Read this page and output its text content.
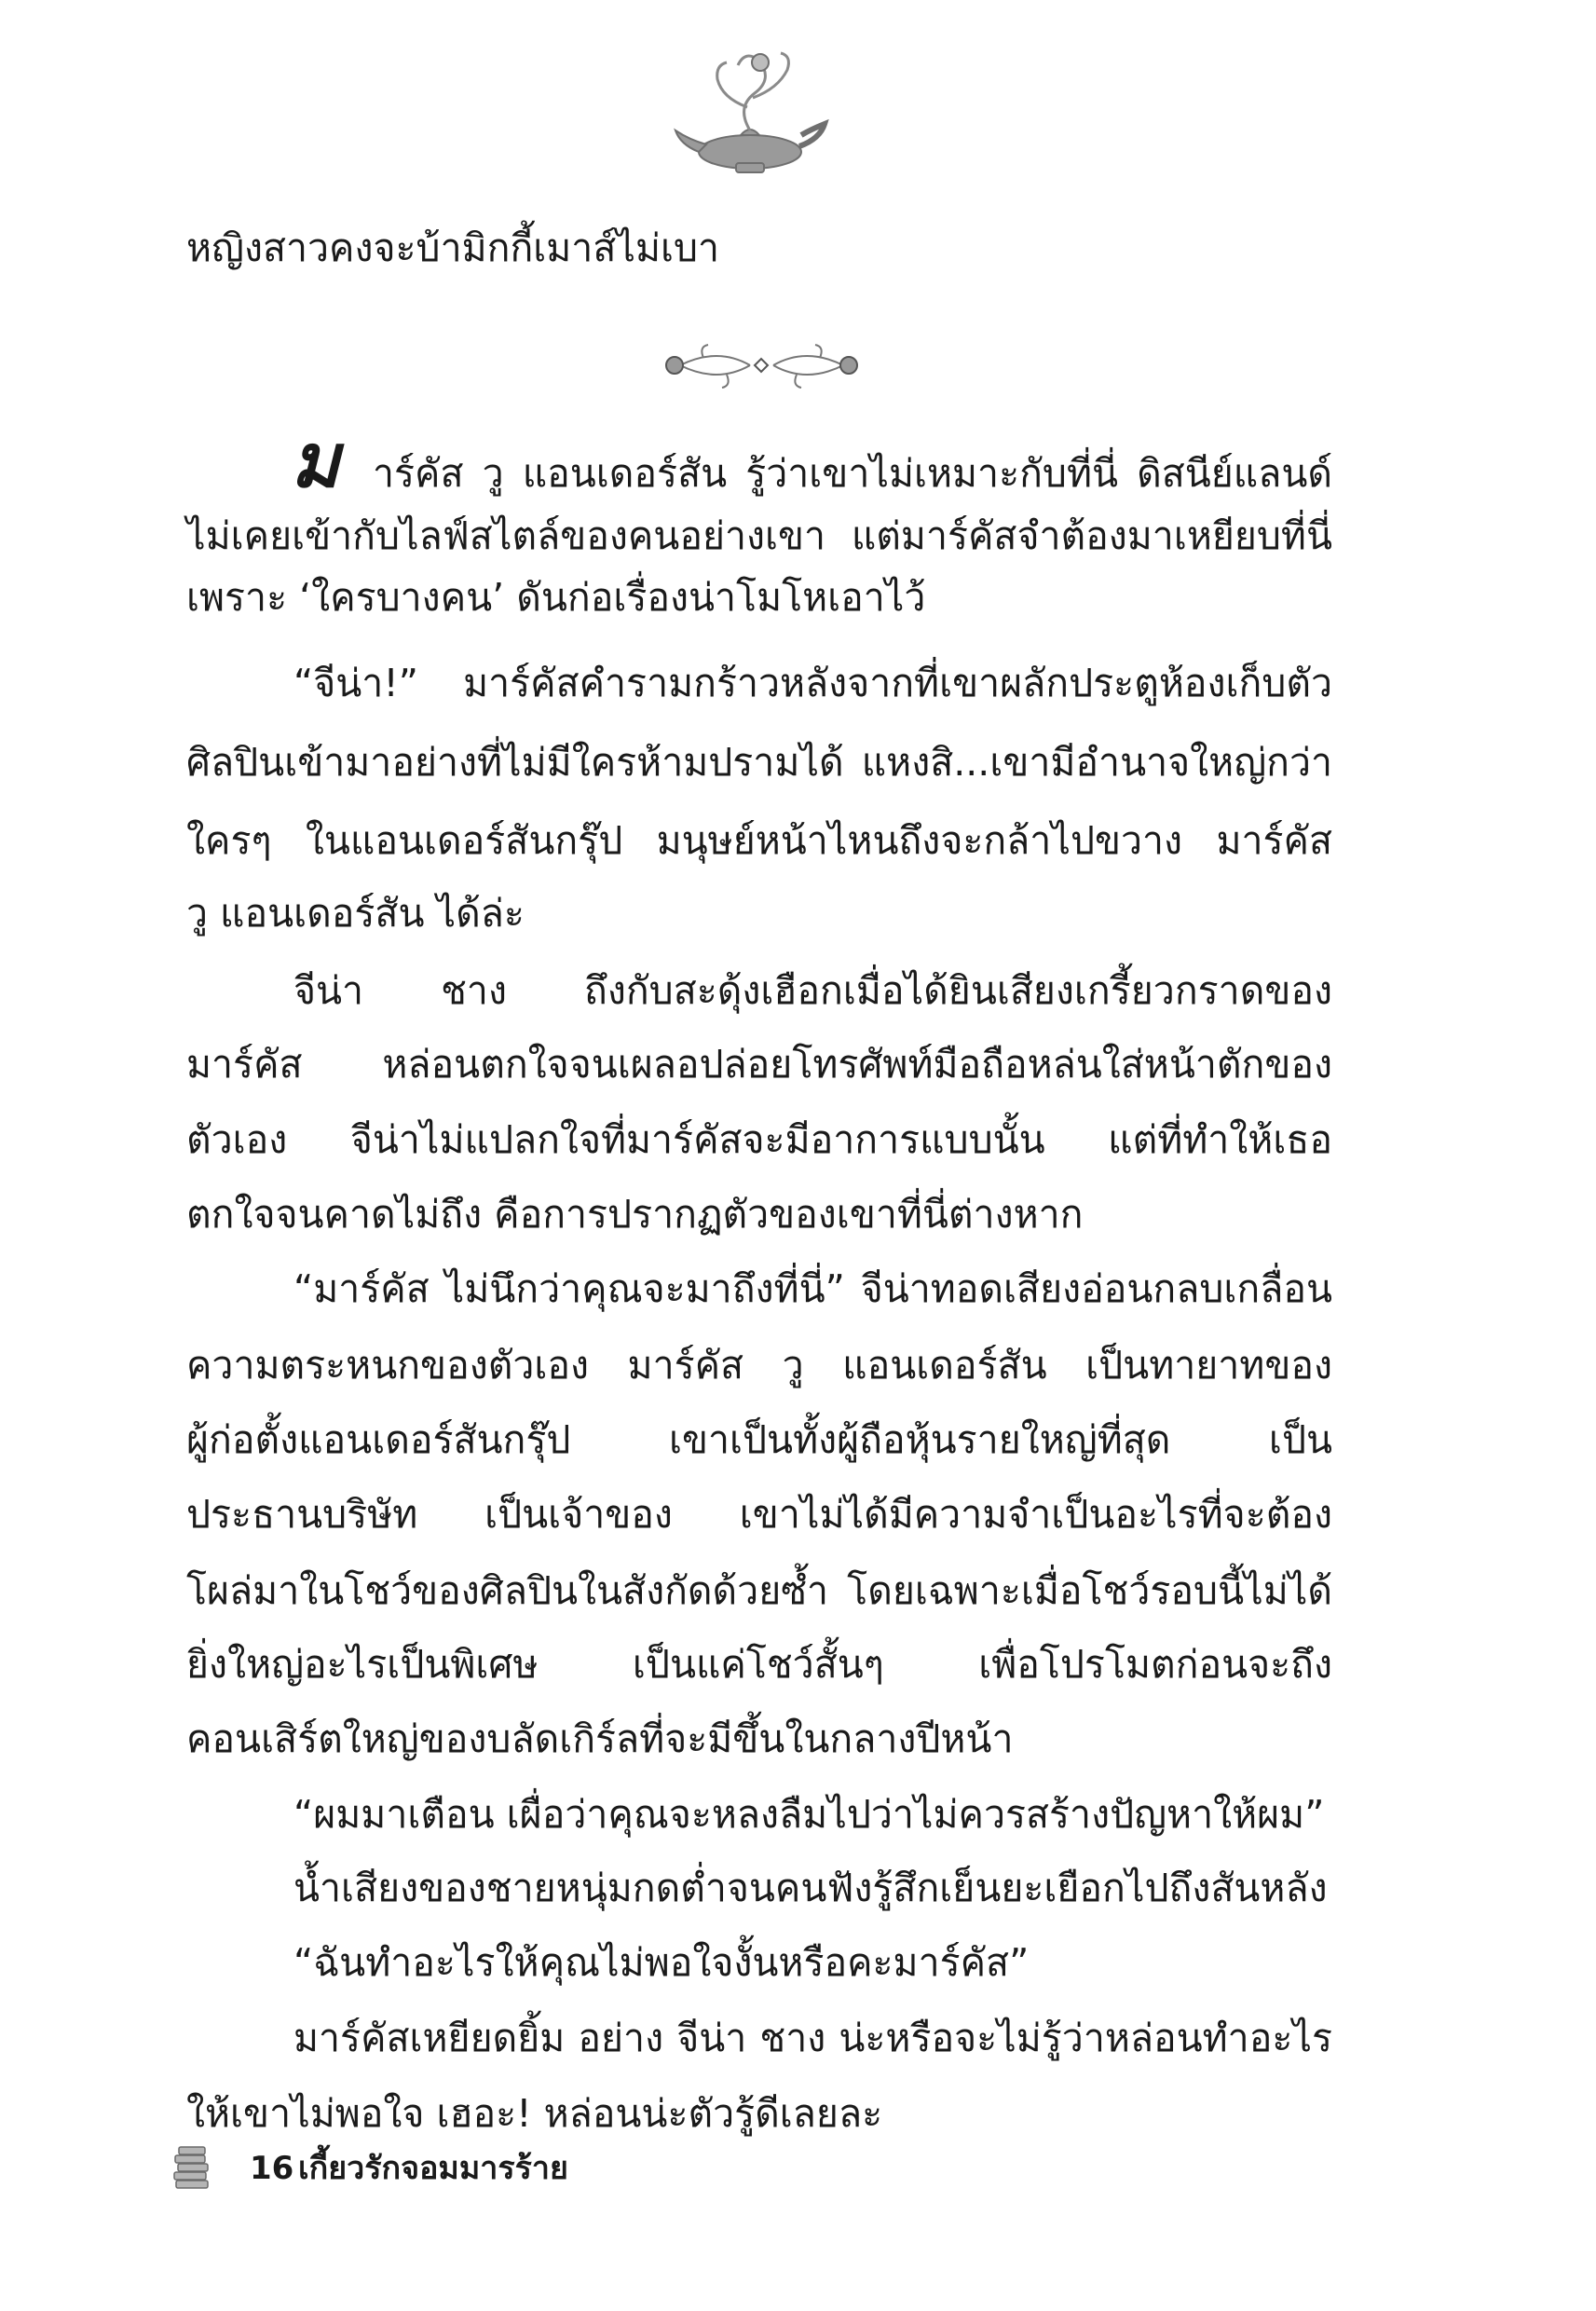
หญิงสาวคงจะบ้ามิกกี้เมาส์ไม่เบา
ม าร์คัส วู แอนเดอร์สัน รู้ว่าเขาไม่เหมาะกับที่นี่ ดิสนีย์แลนด์
ไม่เคยเข้ากับไลฟ์สไตล์ของคนอย่างเขา แต่มาร์คัสจำต้องมาเหยียบที่นี่
เพราะ ‘ใครบางคน’ ดันก่อเรื่องน่าโมโหเอาไว้
“จีน่า!” มาร์คัสคำรามกร้าวหลังจากที่เขาผลักประตูห้องเก็บตัว
ศิลปินเข้ามาอย่างที่ไม่มีใครห้ามปรามได้ แหงสิ...เขามีอำนาจใหญ่กว่า
ใครๆ ในแอนเดอร์สันกรุ๊ป มนุษย์หน้าไหนถึงจะกล้าไปขวาง มาร์คัส
วู แอนเดอร์สัน ได้ล่ะ
จีน่า ชาง ถึงกับสะดุ้งเฮือกเมื่อได้ยินเสียงเกรี้ยวกราดของ
มาร์คัส หล่อนตกใจจนเผลอปล่อยโทรศัพท์มือถือหล่นใส่หน้าตักของ
ตัวเอง จีน่าไม่แปลกใจที่มาร์คัสจะมีอาการแบบนั้น แต่ที่ทำให้เธอ
ตกใจจนคาดไม่ถึง คือการปรากฏตัวของเขาที่นี่ต่างหาก
“มาร์คัส ไม่นึกว่าคุณจะมาถึงที่นี่” จีน่าทอดเสียงอ่อนกลบเกลื่อน
ความตระหนกของตัวเอง มาร์คัส วู แอนเดอร์สัน เป็นทายาทของ
ผู้ก่อตั้งแอนเดอร์สันกรุ๊ป เขาเป็นทั้งผู้ถือหุ้นรายใหญ่ที่สุด เป็น
ประธานบริษัท เป็นเจ้าของ เขาไม่ได้มีความจำเป็นอะไรที่จะต้อง
โผล่มาในโชว์ของศิลปินในสังกัดด้วยซ้ำ โดยเฉพาะเมื่อโชว์รอบนี้ไม่ได้
ยิ่งใหญ่อะไรเป็นพิเศษ เป็นแค่โชว์สั้นๆ เพื่อโปรโมตก่อนจะถึง
คอนเสิร์ตใหญ่ของบลัดเกิร์ลที่จะมีขึ้นในกลางปีหน้า
“ผมมาเตือน เผื่อว่าคุณจะหลงลืมไปว่าไม่ควรสร้างปัญหาให้ผม”
น้ำเสียงของชายหนุ่มกดต่ำจนคนฟังรู้สึกเย็นยะเยือกไปถึงสันหลัง
“ฉันทำอะไรให้คุณไม่พอใจงั้นหรือคะมาร์คัส”
มาร์คัสเหยียดยิ้ม อย่าง จีน่า ชาง น่ะหรือจะไม่รู้ว่าหล่อนทำอะไร
ให้เขาไม่พอใจ เฮอะ! หล่อนน่ะตัวรู้ดีเลยละ
16 เกี้ยวรักจอมมารร้าย
